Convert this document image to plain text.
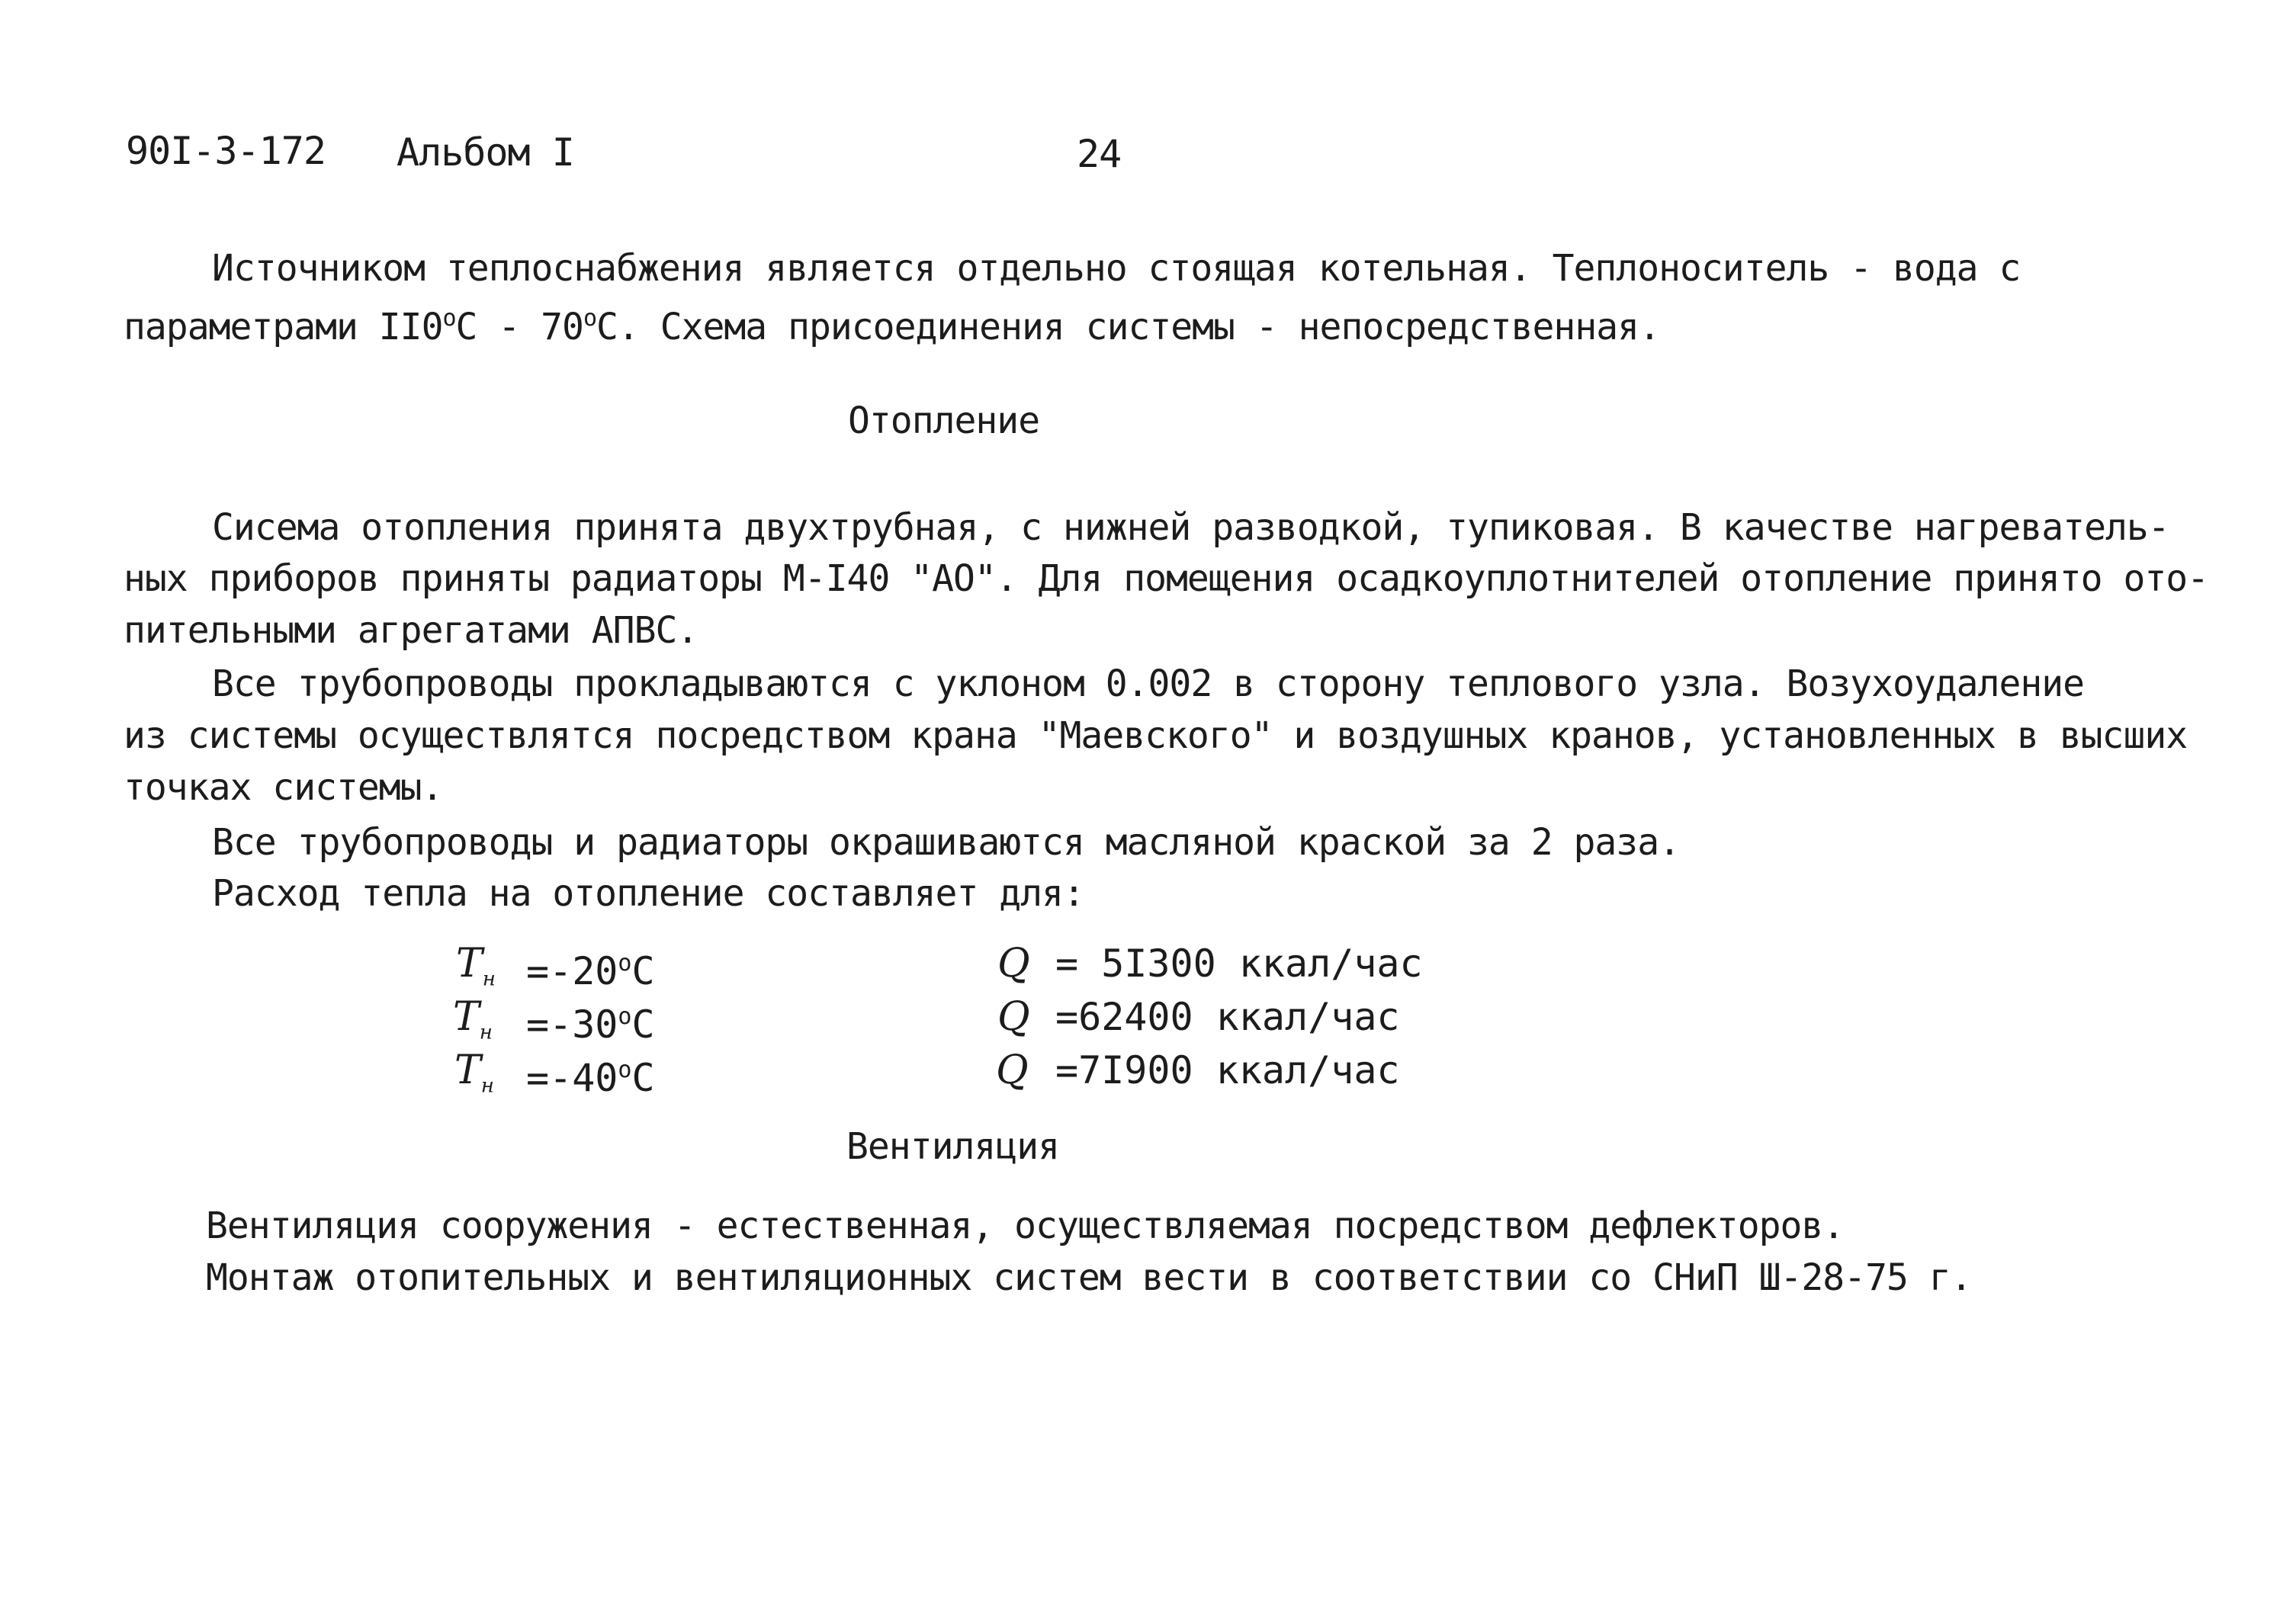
90I-3-172 Альбом I	24
Источником теплоснабжения является отдельно стоящая котельная. Теплоноситель - вода с
параметрами $II0^оС - 70^оС$. Схема присоединения системы - непосредственная.
Отопление
Сисема отопления принята двухтрубная, с нижней разводкой, тупиковая. В качестве нагреватель-
ных приборов приняты радиаторы М-I40 "АО". Для помещения осадкоуплотнителей отопление принято ото-
пительными агрегатами АПВС.
Все трубопроводы прокладываются с уклоном 0.002 в сторону теплового узла. Возухоудаление
из системы осуществлятся посредством крана "Маевского" и воздушных кранов, установленных в высших
точках системы.
Все трубопроводы и радиаторы окрашиваются масляной краской за 2 раза.
Расход тепла на отопление составляет для:
$T_н =-20^оС$	Q = 5I300 ккал/час
$T_н =-30^оС$	Q =62400 ккал/час
$T_н =-40^оС$	Q =7I900 ккал/час
Вентиляция
Вентиляция сооружения - естественная, осуществляемая посредством дефлекторов.
Монтаж отопительных и вентиляционных систем вести в соответствии со СНиП Ш-28-75 г.
